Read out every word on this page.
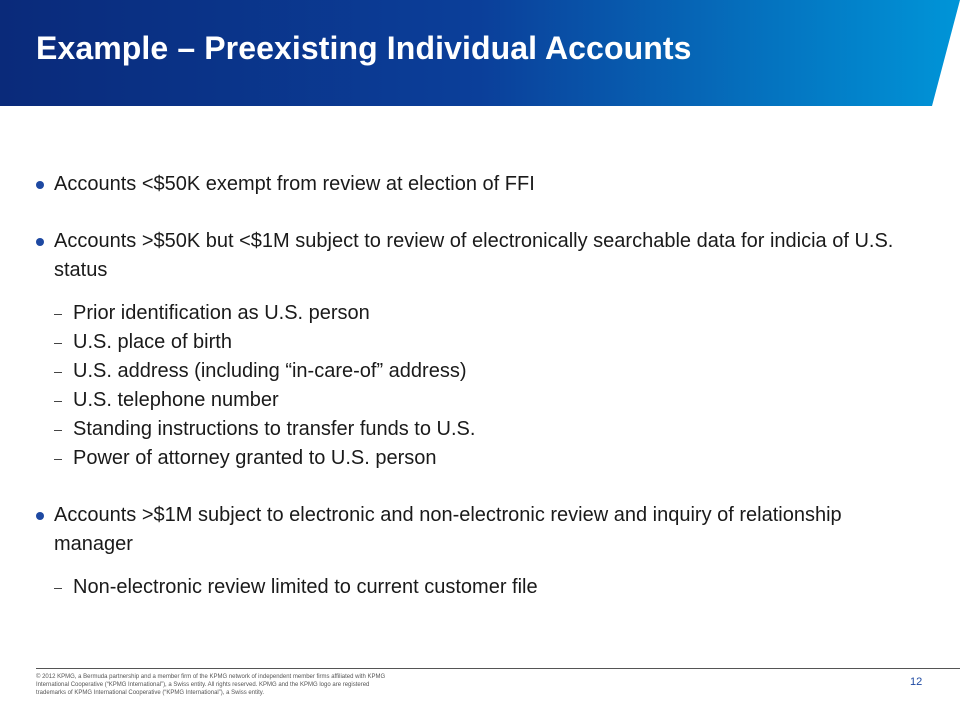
Example – Preexisting Individual Accounts
Accounts <$50K exempt from review at election of FFI
Accounts >$50K but <$1M subject to review of electronically searchable data for indicia of U.S. status
Prior identification as U.S. person
U.S. place of birth
U.S. address (including “in-care-of” address)
U.S. telephone number
Standing instructions to transfer funds to U.S.
Power of attorney granted to U.S. person
Accounts >$1M subject to electronic and non-electronic review and inquiry of relationship manager
Non-electronic review limited to current customer file
© 2012 KPMG, a Bermuda partnership and a member firm of the KPMG network of independent member firms affiliated with KPMG International Cooperative (“KPMG International”), a Swiss entity. All rights reserved. KPMG and the KPMG logo are registered trademarks of KPMG International Cooperative (“KPMG International”), a Swiss entity.
12
